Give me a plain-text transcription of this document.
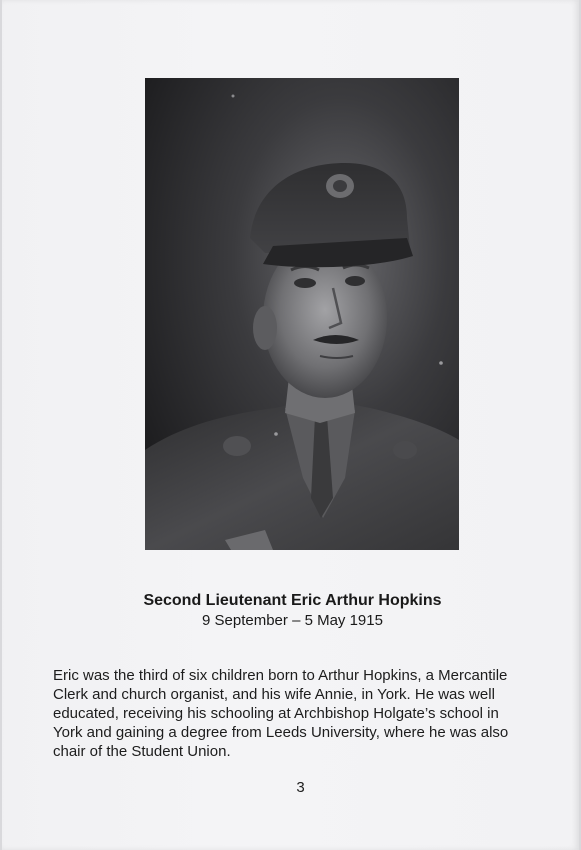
Second Lieutenant Eric Arthur Hopkins
9 September – 5 May 1915
Eric was the third of six children born to Arthur Hopkins, a Mercantile
Clerk and church organist, and his wife Annie, in York. He was well
educated, receiving his schooling at Archbishop Holgate’s school in
York and gaining a degree from Leeds University, where he was also
chair of the Student Union.
3
